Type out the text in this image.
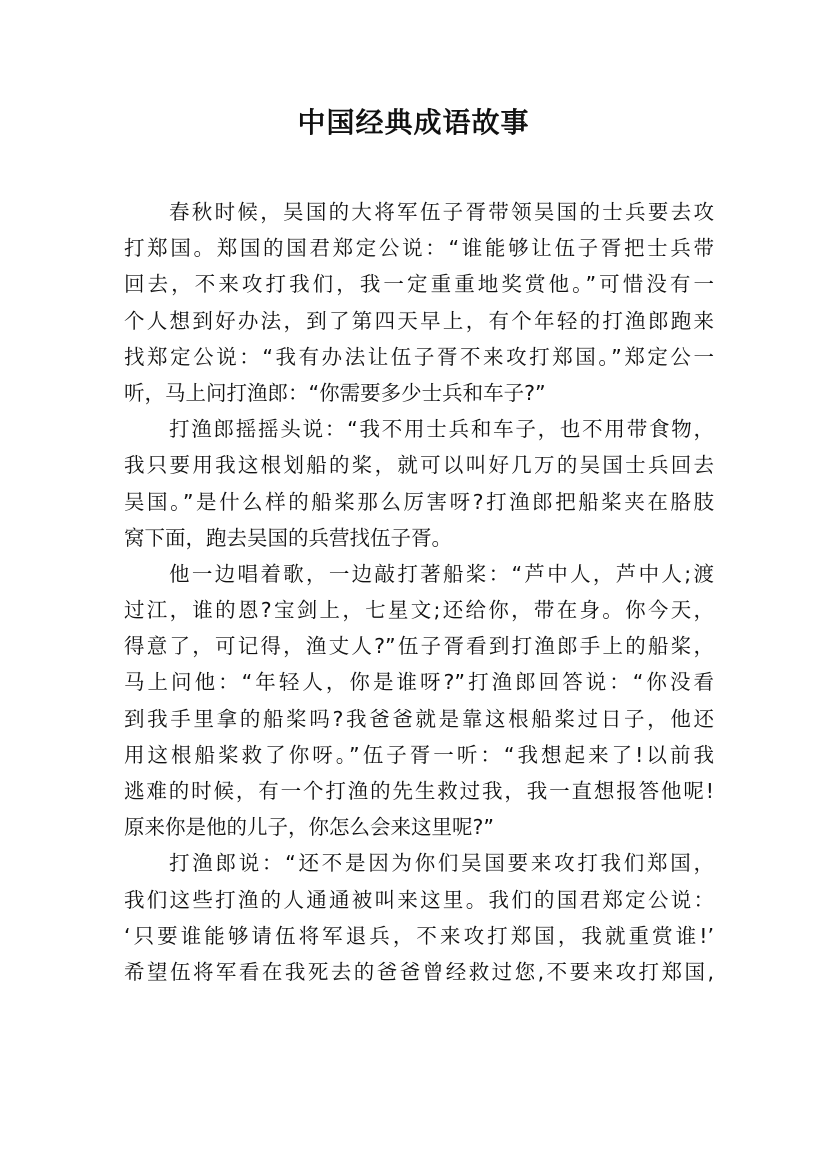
中国经典成语故事
春秋时候，吴国的大将军伍子胥带领吴国的士兵要去攻
打郑国。郑国的国君郑定公说：“谁能够让伍子胥把士兵带
回去，不来攻打我们，我一定重重地奖赏他。”可惜没有一
个人想到好办法，到了第四天早上，有个年轻的打渔郎跑来
找郑定公说：“我有办法让伍子胥不来攻打郑国。”郑定公一
听，马上问打渔郎：“你需要多少士兵和车子?”
打渔郎摇摇头说：“我不用士兵和车子，也不用带食物，
我只要用我这根划船的桨，就可以叫好几万的吴国士兵回去
吴国。”是什么样的船桨那么厉害呀?打渔郎把船桨夹在胳肢
窝下面，跑去吴国的兵营找伍子胥。
他一边唱着歌，一边敲打著船桨：“芦中人，芦中人;渡
过江，谁的恩?宝剑上，七星文;还给你，带在身。你今天，
得意了，可记得，渔丈人?”伍子胥看到打渔郎手上的船桨，
马上问他：“年轻人，你是谁呀?”打渔郎回答说：“你没看
到我手里拿的船桨吗?我爸爸就是靠这根船桨过日子，他还
用这根船桨救了你呀。”伍子胥一听：“我想起来了!以前我
逃难的时候，有一个打渔的先生救过我，我一直想报答他呢!
原来你是他的儿子，你怎么会来这里呢?”
打渔郎说：“还不是因为你们吴国要来攻打我们郑国，
我们这些打渔的人通通被叫来这里。我们的国君郑定公说：
‘只要谁能够请伍将军退兵，不来攻打郑国，我就重赏谁!’
希望伍将军看在我死去的爸爸曾经救过您,不要来攻打郑国,
